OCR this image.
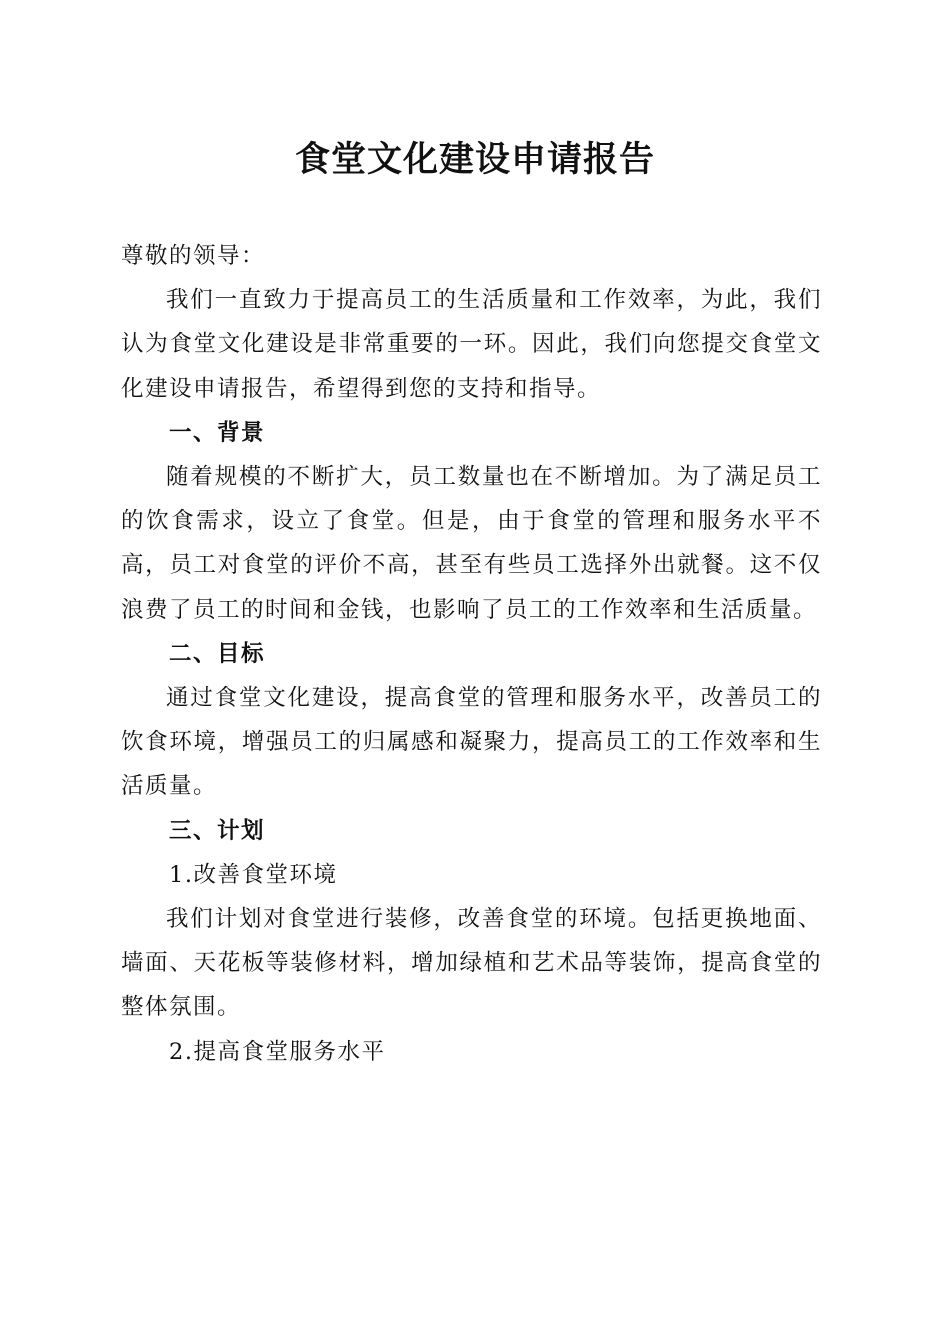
食堂文化建设申请报告

尊敬的领导：

我们一直致力于提高员工的生活质量和工作效率，为此，我们认为食堂文化建设是非常重要的一环。因此，我们向您提交食堂文化建设申请报告，希望得到您的支持和指导。

一、背景

随着规模的不断扩大，员工数量也在不断增加。为了满足员工的饮食需求，设立了食堂。但是，由于食堂的管理和服务水平不高，员工对食堂的评价不高，甚至有些员工选择外出就餐。这不仅浪费了员工的时间和金钱，也影响了员工的工作效率和生活质量。

二、目标

通过食堂文化建设，提高食堂的管理和服务水平，改善员工的饮食环境，增强员工的归属感和凝聚力，提高员工的工作效率和生活质量。

三、计划

1.改善食堂环境

我们计划对食堂进行装修，改善食堂的环境。包括更换地面、墙面、天花板等装修材料，增加绿植和艺术品等装饰，提高食堂的整体氛围。

2.提高食堂服务水平
